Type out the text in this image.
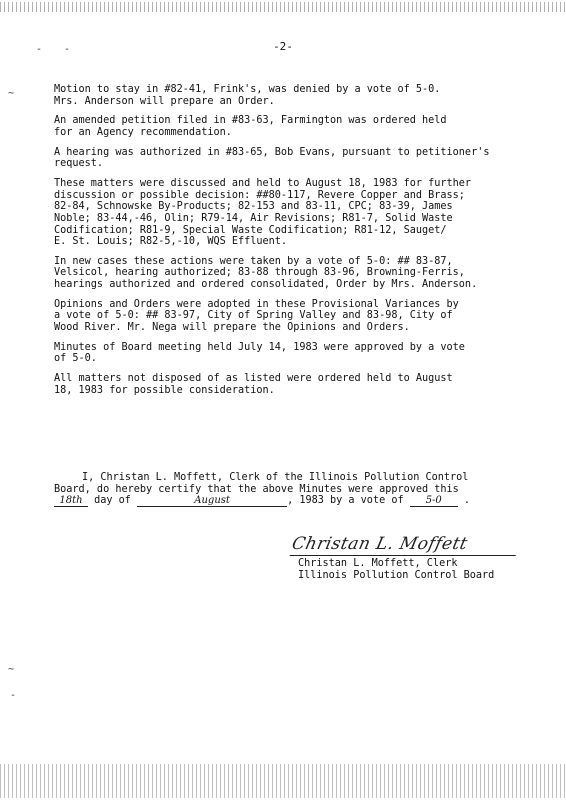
- -
~
-2-

Motion to stay in #82-41, Frink's, was denied by a vote of 5-0.
Mrs. Anderson will prepare an Order.

An amended petition filed in #83-63, Farmington was ordered held
for an Agency recommendation.

A hearing was authorized in #83-65, Bob Evans, pursuant to petitioner's
request.

These matters were discussed and held to August 18, 1983 for further
discussion or possible decision: ##80-117, Revere Copper and Brass;
82-84, Schnowske By-Products; 82-153 and 83-11, CPC; 83-39, James
Noble; 83-44,-46, Olin; R79-14, Air Revisions; R81-7, Solid Waste
Codification; R81-9, Special Waste Codification; R81-12, Sauget/
E. St. Louis; R82-5,-10, WQS Effluent.

In new cases these actions were taken by a vote of 5-0: ## 83-87,
Velsicol, hearing authorized; 83-88 through 83-96, Browning-Ferris,
hearings authorized and ordered consolidated, Order by Mrs. Anderson.

Opinions and Orders were adopted in these Provisional Variances by
a vote of 5-0: ## 83-97, City of Spring Valley and 83-98, City of
Wood River. Mr. Nega will prepare the Opinions and Orders.

Minutes of Board meeting held July 14, 1983 were approved by a vote
of 5-0.

All matters not disposed of as listed were ordered held to August
18, 1983 for possible consideration.

I, Christan L. Moffett, Clerk of the Illinois Pollution Control

Board, do hereby certify that the above Minutes were approved this

18th day of	August	, 1983 by a vote of 5-0 .

Christan L. Moffett
Christan L. Moffett, Clerk
Illinois Pollution Control Board
~
-
